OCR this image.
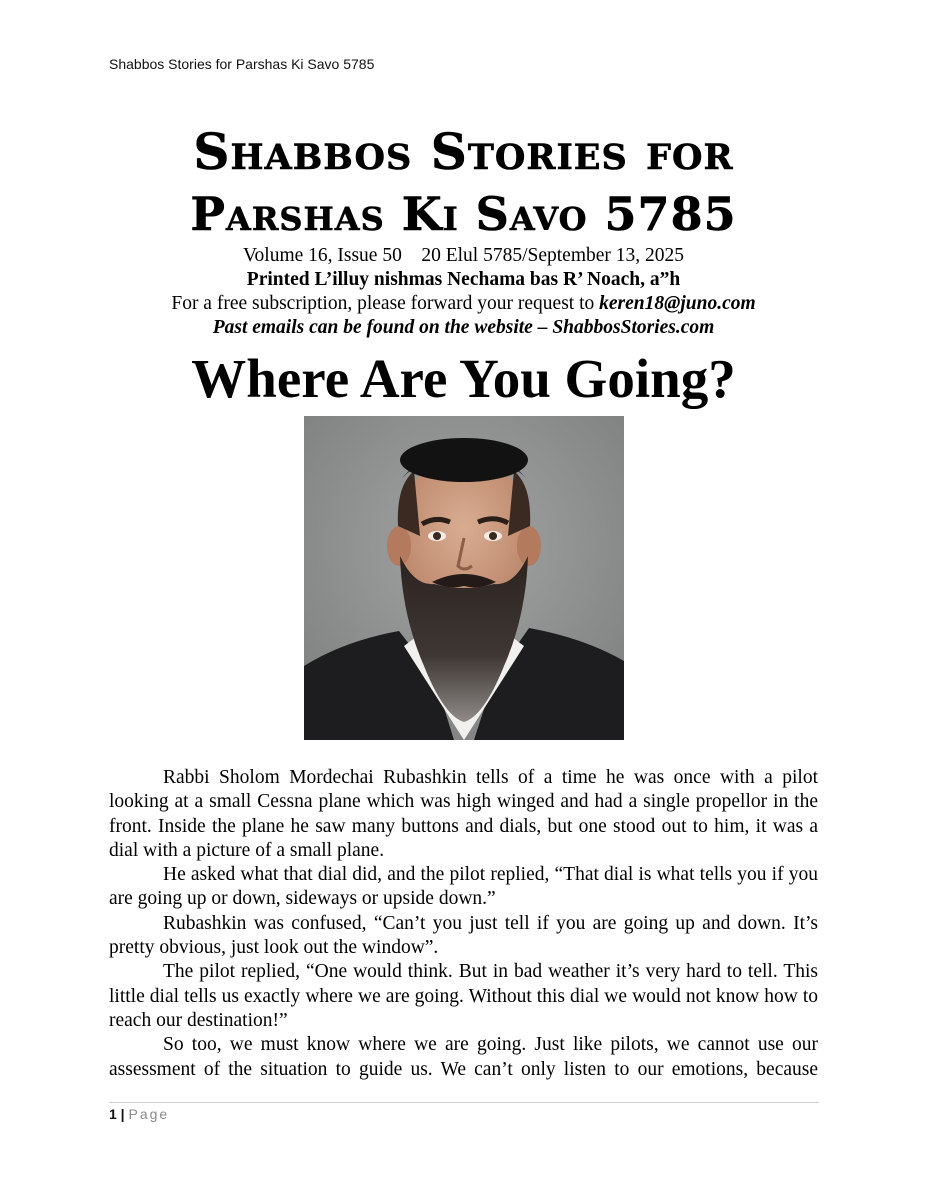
Shabbos Stories for Parshas Ki Savo 5785
Shabbos Stories for
Parshas Ki Savo 5785
Volume 16, Issue 50    20 Elul 5785/September 13, 2025
Printed L’illuy nishmas Nechama bas R’ Noach, a”h
For a free subscription, please forward your request to keren18@juno.com
Past emails can be found on the website – ShabbosStories.com
Where Are You Going?

Rabbi Sholom Mordechai Rubashkin tells of a time he was once with a pilot looking at a small Cessna plane which was high winged and had a single propellor in the front. Inside the plane he saw many buttons and dials, but one stood out to him, it was a dial with a picture of a small plane.

He asked what that dial did, and the pilot replied, “That dial is what tells you if you are going up or down, sideways or upside down.”

Rubashkin was confused, “Can’t you just tell if you are going up and down. It’s pretty obvious, just look out the window”.

The pilot replied, “One would think. But in bad weather it’s very hard to tell. This little dial tells us exactly where we are going. Without this dial we would not know how to reach our destination!”

So too, we must know where we are going. Just like pilots, we cannot use our assessment of the situation to guide us. We can’t only listen to our emotions, because

1 | Page
